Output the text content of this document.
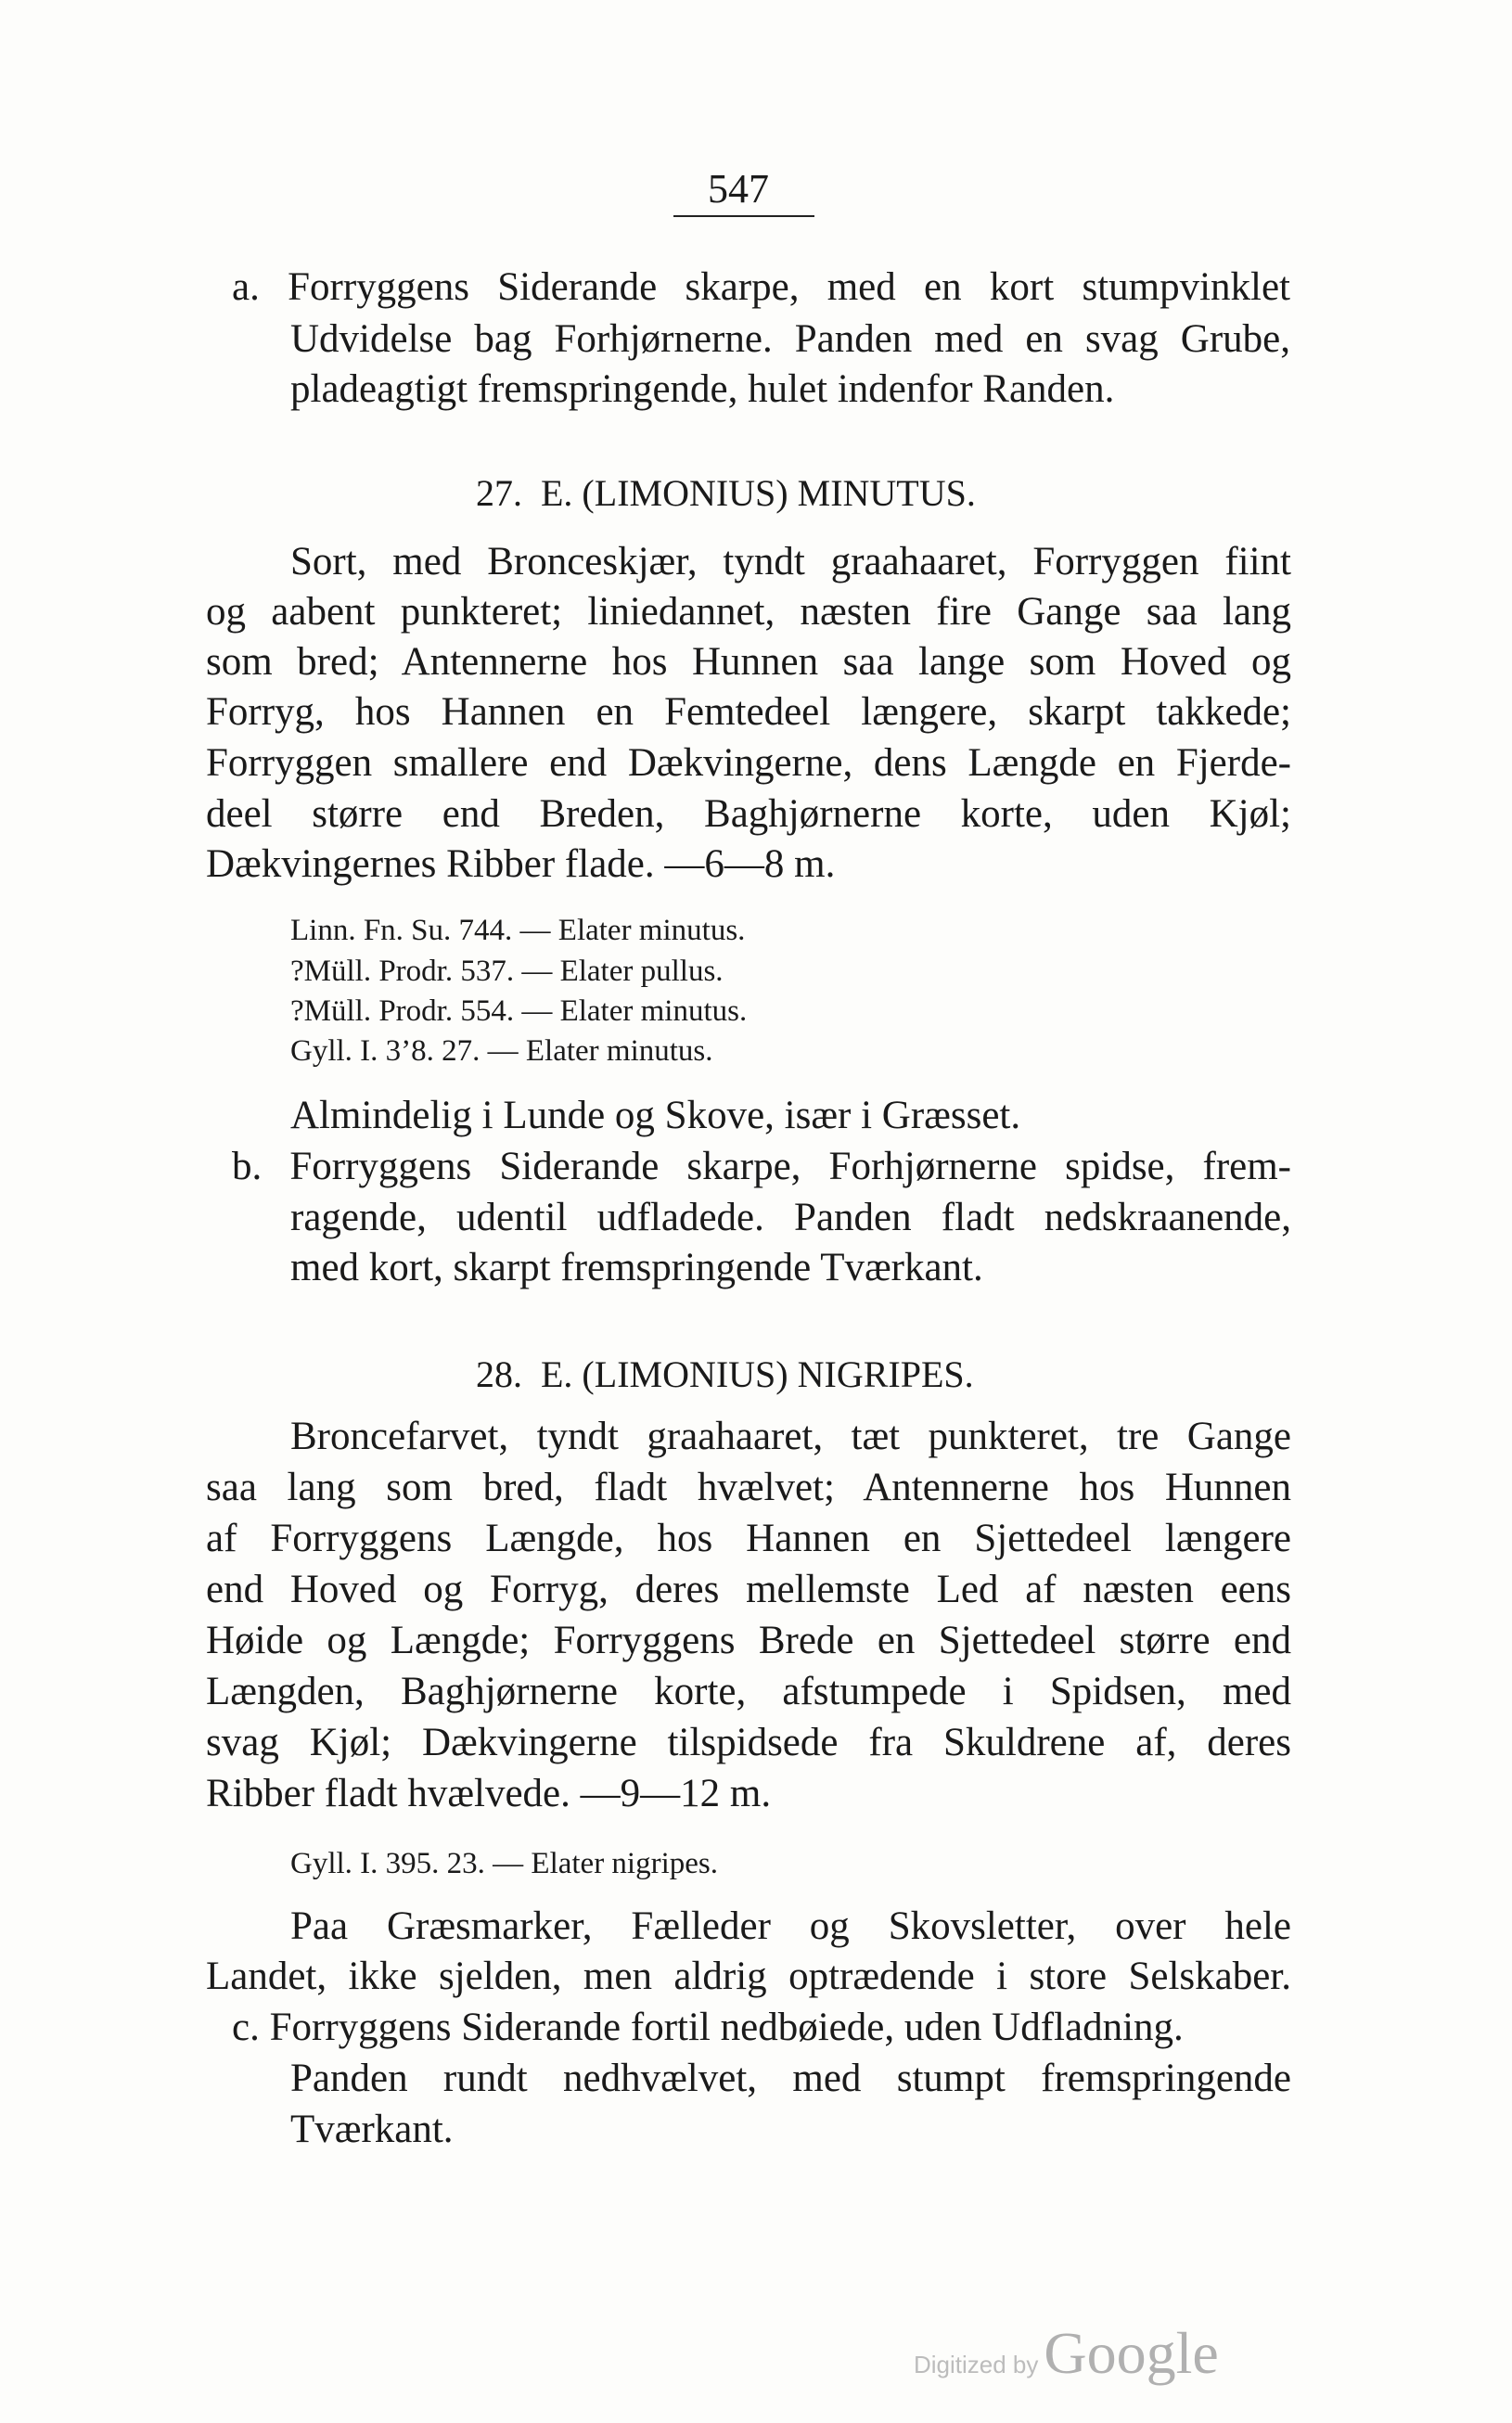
547
a. Forryggens Siderande skarpe, med en kort stumpvinklet
Udvidelse bag Forhjørnerne. Panden med en svag Grube,
pladeagtigt fremspringende, hulet indenfor Randen.
27.  E. (LIMONIUS) MINUTUS.
Sort, med Bronceskjær, tyndt graahaaret, Forryggen fiint
og aabent punkteret; liniedannet, næsten fire Gange saa lang
som bred; Antennerne hos Hunnen saa lange som Hoved og
Forryg, hos Hannen en Femtedeel længere, skarpt takkede;
Forryggen smallere end Dækvingerne, dens Længde en Fjerde-
deel større end Breden, Baghjørnerne korte, uden Kjøl;
Dækvingernes Ribber flade. —6—8 m.
Linn. Fn. Su. 744. — Elater minutus.
?Müll. Prodr. 537. — Elater pullus.
?Müll. Prodr. 554. — Elater minutus.
Gyll. I. 3’8. 27. — Elater minutus.
Almindelig i Lunde og Skove, især i Græsset.
b. Forryggens Siderande skarpe, Forhjørnerne spidse, frem-
ragende, udentil udfladede. Panden fladt nedskraanende,
med kort, skarpt fremspringende Tværkant.
28.  E. (LIMONIUS) NIGRIPES.
Broncefarvet, tyndt graahaaret, tæt punkteret, tre Gange
saa lang som bred, fladt hvælvet; Antennerne hos Hunnen
af Forryggens Længde, hos Hannen en Sjettedeel længere
end Hoved og Forryg, deres mellemste Led af næsten eens
Høide og Længde; Forryggens Brede en Sjettedeel større end
Længden, Baghjørnerne korte, afstumpede i Spidsen, med
svag Kjøl; Dækvingerne tilspidsede fra Skuldrene af, deres
Ribber fladt hvælvede. —9—12 m.
Gyll. I. 395. 23. — Elater nigripes.
Paa Græsmarker, Fælleder og Skovsletter, over hele
Landet, ikke sjelden, men aldrig optrædende i store Selskaber.
c. Forryggens Siderande fortil nedbøiede, uden Udfladning.
Panden rundt nedhvælvet, med stumpt fremspringende
Tværkant.
Digitized byGoogle
